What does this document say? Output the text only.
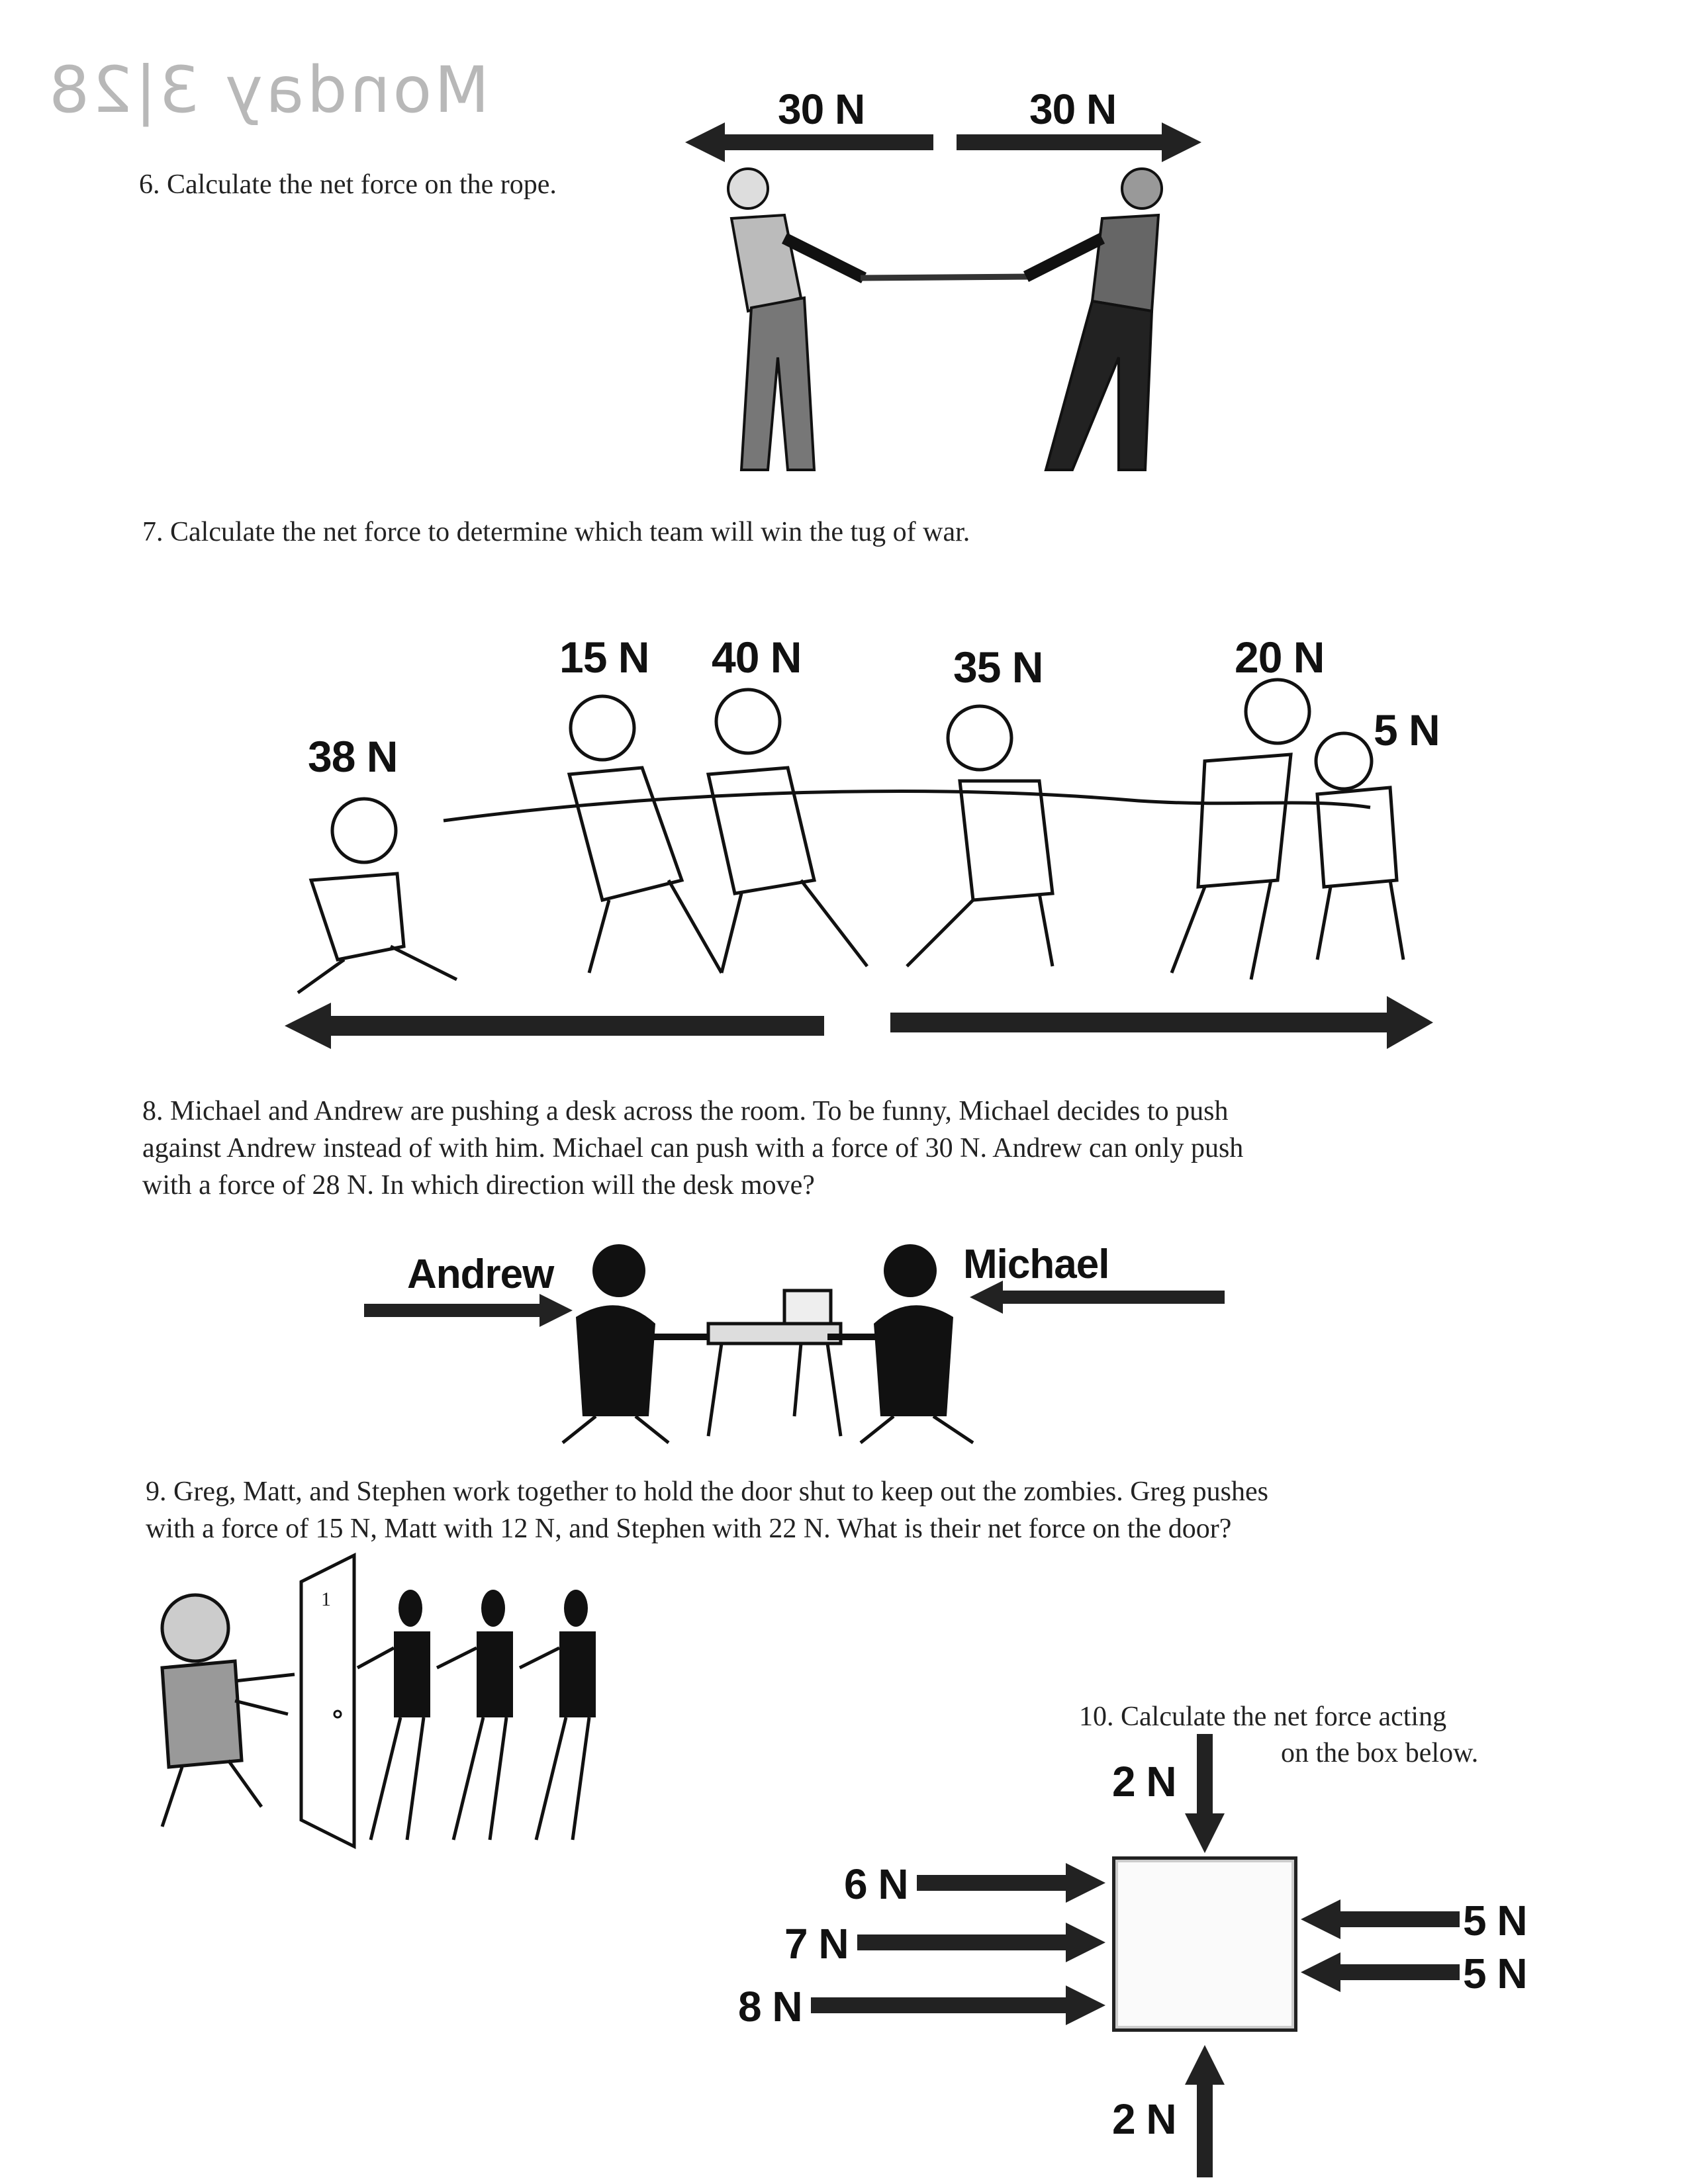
Monday 3|28
6. Calculate the net force on the rope.
30 N	30 N
7. Calculate the net force to determine which team will win the tug of war.
38 N
15 N 40 N	35 N	20 N
5 N
8. Michael and Andrew are pushing a desk across the room. To be funny, Michael decides to push
against Andrew instead of with him. Michael can push with a force of 30 N. Andrew can only push
with a force of 28 N. In which direction will the desk move?
Andrew	Michael
9. Greg, Matt, and Stephen work together to hold the door shut to keep out the zombies. Greg pushes
with a force of 15 N, Matt with 12 N, and Stephen with 22 N. What is their net force on the door?
1
10. Calculate the net force acting
on the box below.
2 N
2 N
6 N
7 N
8 N
5 N
5 N
